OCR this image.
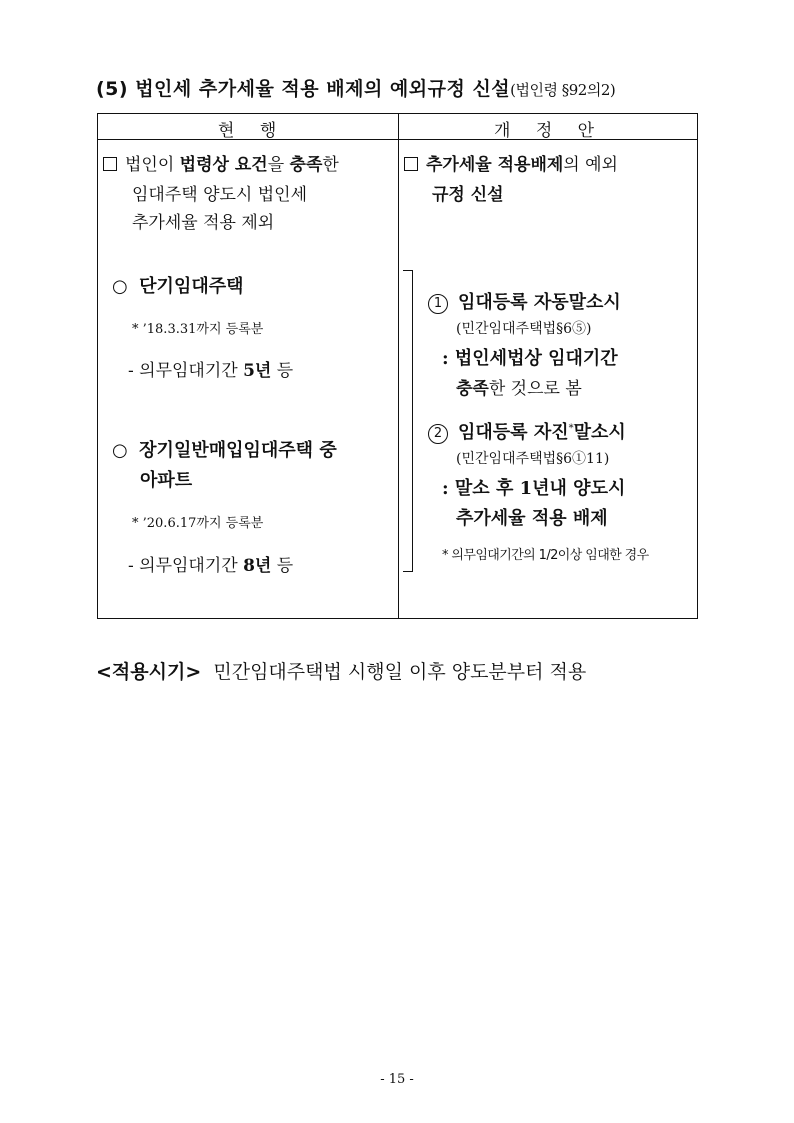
(5) 법인세 추가세율 적용 배제의 예외규정 신설(법인령 §92의2)
현 행	개 정 안
법인이 법령상 요건을 충족한
임대주택 양도시 법인세
추가세율 적용 제외
○ 단기임대주택
* ’18.3.31까지 등록분
- 의무임대기간 5년 등
○ 장기일반매입임대주택 중
아파트
* ’20.6.17까지 등록분
- 의무임대기간 8년 등
추가세율 적용배제의 예외
규정 신설
1 임대등록 자동말소시
(민간임대주택법§6⑤)
: 법인세법상 임대기간
충족한 것으로 봄
2 임대등록 자진*말소시
(민간임대주택법§6①11)
: 말소 후 1년내 양도시
추가세율 적용 배제
* 의무임대기간의 1/2이상 임대한 경우
<적용시기> 민간임대주택법 시행일 이후 양도분부터 적용
- 15 -
